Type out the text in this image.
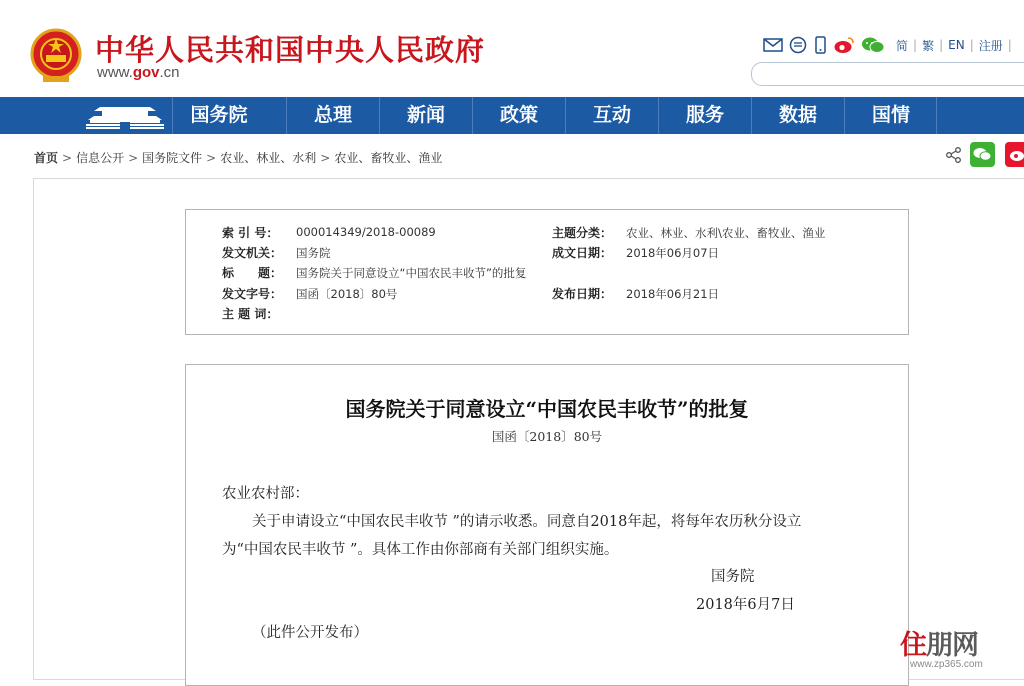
中华人民共和国中央人民政府
www.gov.cn
简 | 繁 | EN | 注册 |
国务院	总理	新闻	政策	互动	服务	数据	国情
首页 > 信息公开 > 国务院文件 > 农业、林业、水利 > 农业、畜牧业、渔业
索 引 号： 000014349/2018-00089	主题分类： 农业、林业、水利\农业、畜牧业、渔业
发文机关： 国务院	成文日期： 2018年06月07日
标　　题： 国务院关于同意设立“中国农民丰收节”的批复
发文字号： 国函〔2018〕80号	发布日期： 2018年06月21日
主 题 词：
国务院关于同意设立“中国农民丰收节”的批复
国函〔2018〕80号
农业农村部：
关于申请设立“中国农民丰收节 ”的请示收悉。同意自2018年起，将每年农历秋分设立
为“中国农民丰收节 ”。具体工作由你部商有关部门组织实施。
国务院
2018年6月7日
（此件公开发布）	住朋网
www.zp365.com
